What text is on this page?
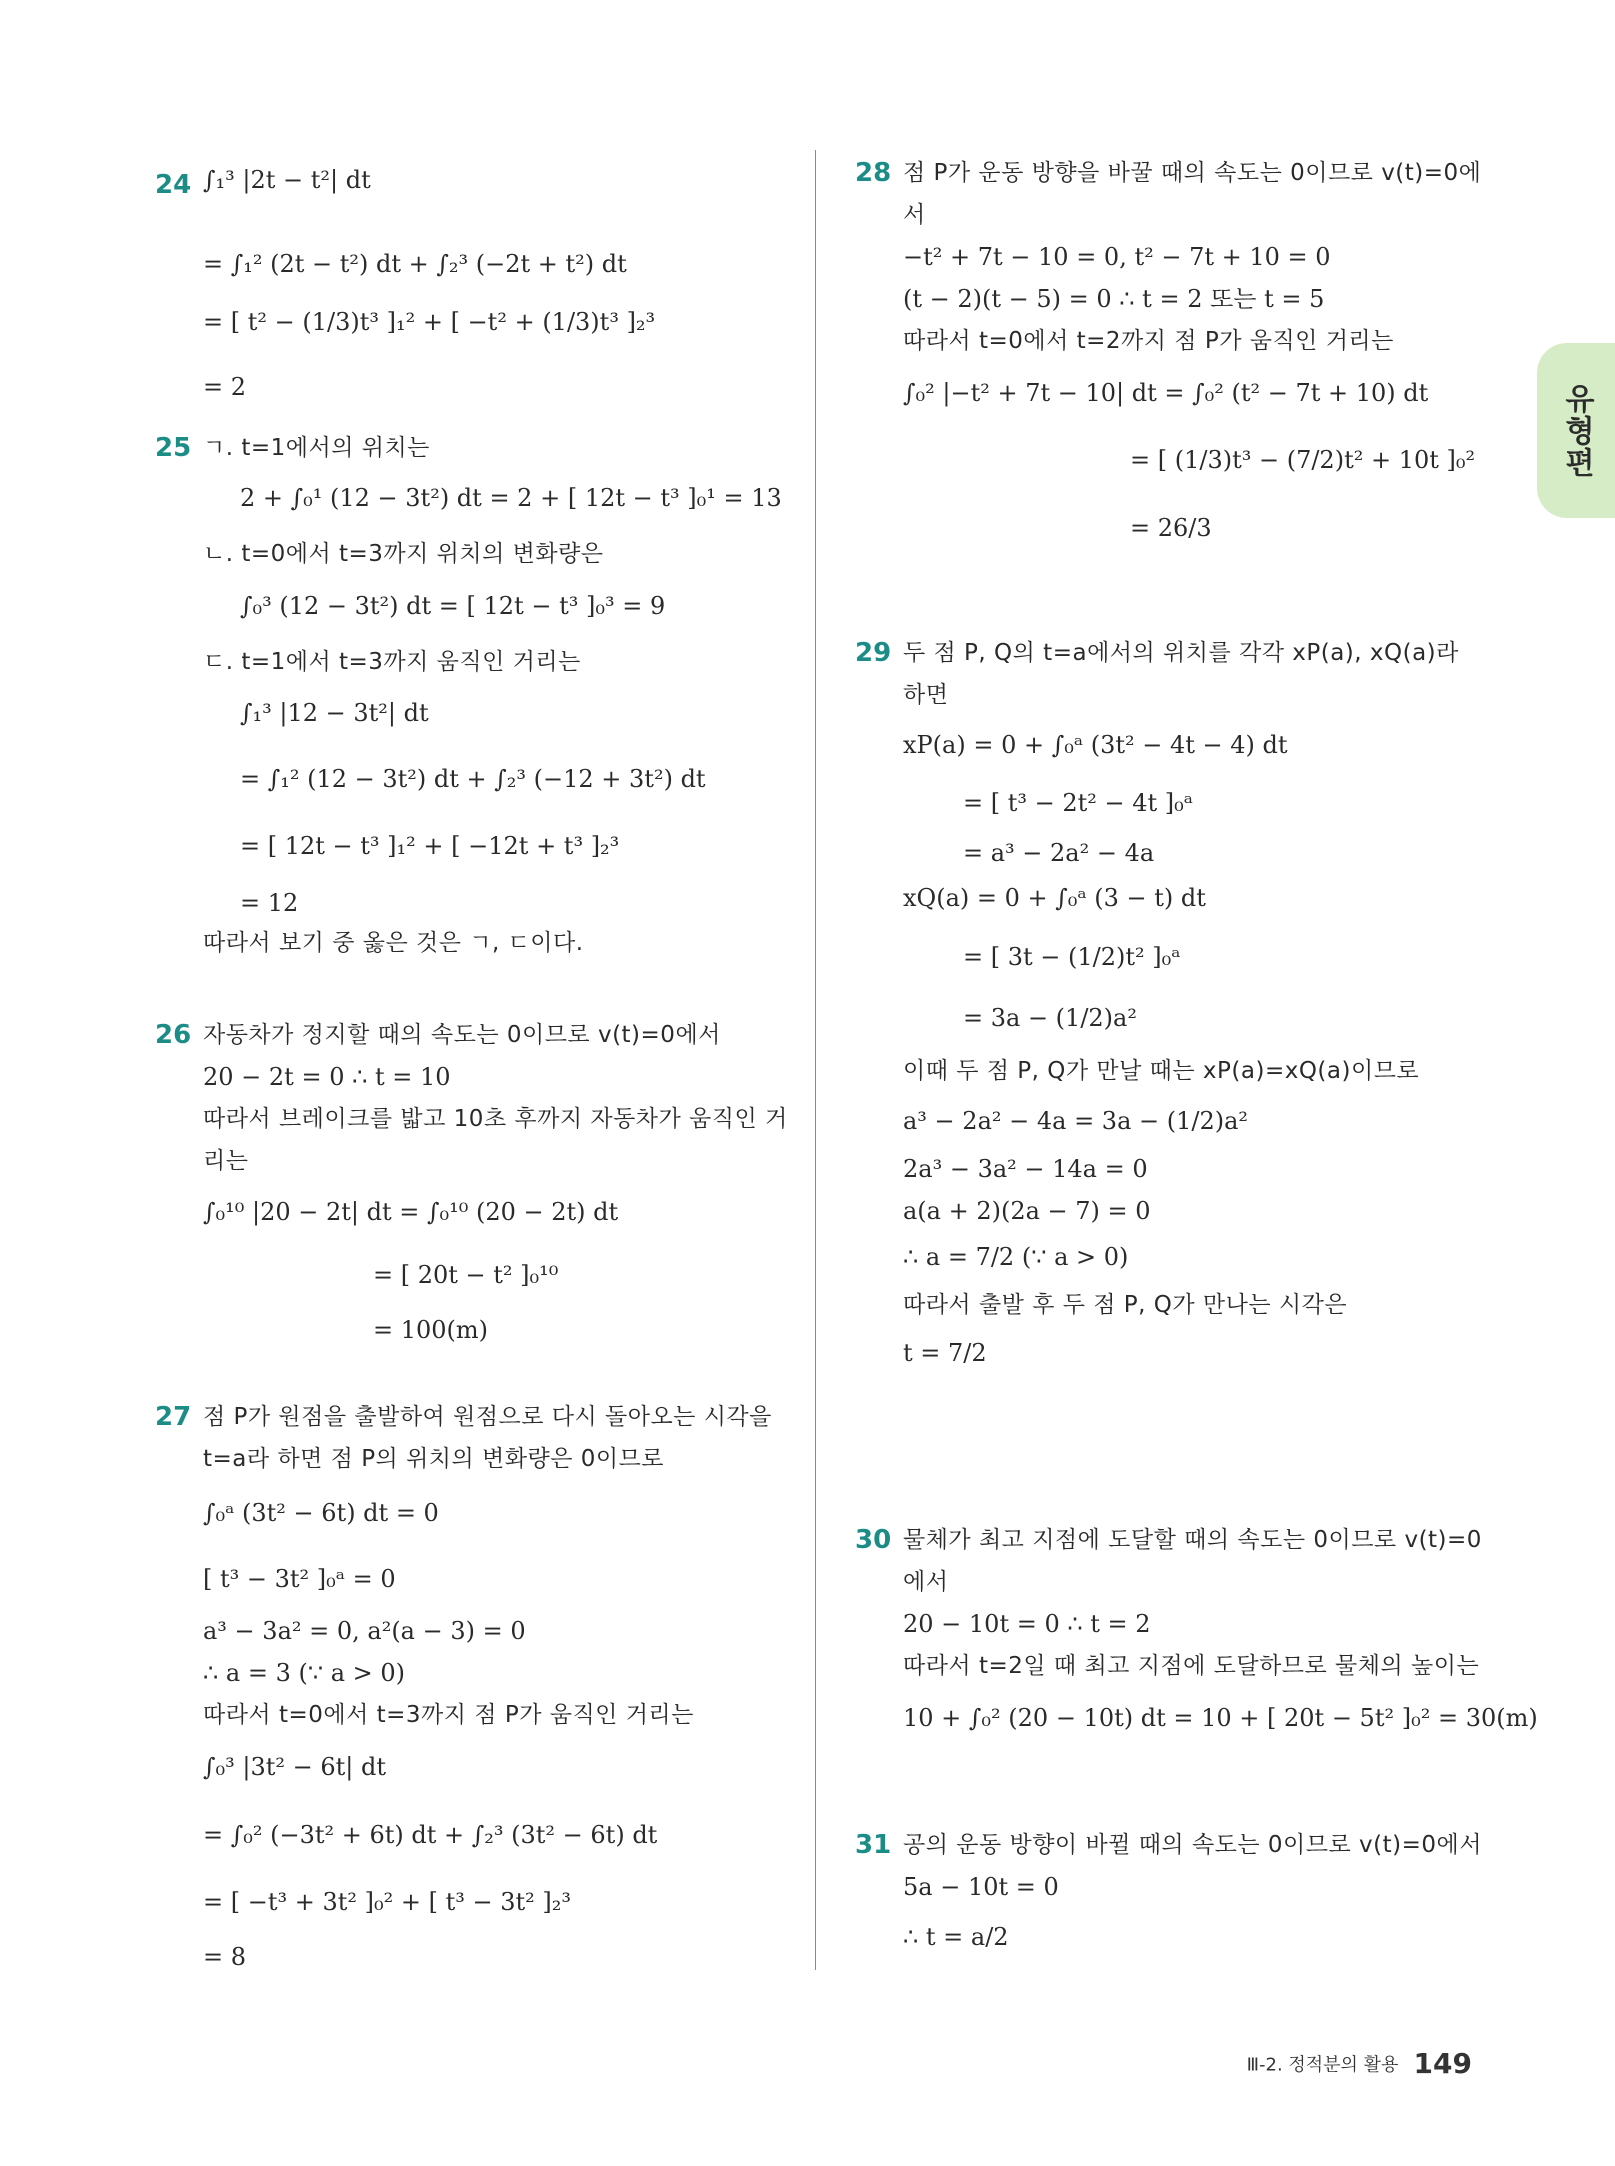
24 ∫₁³ |2t − t²| dt
= ∫₁² (2t − t²) dt + ∫₂³ (−2t + t²) dt
= [ t² − (1/3)t³ ]₁² + [ −t² + (1/3)t³ ]₂³
= 2
25 ㄱ. t=1에서의 위치는
2 + ∫₀¹ (12 − 3t²) dt = 2 + [ 12t − t³ ]₀¹ = 13
ㄴ. t=0에서 t=3까지 위치의 변화량은
∫₀³ (12 − 3t²) dt = [ 12t − t³ ]₀³ = 9
ㄷ. t=1에서 t=3까지 움직인 거리는
∫₁³ |12 − 3t²| dt
= ∫₁² (12 − 3t²) dt + ∫₂³ (−12 + 3t²) dt
= [ 12t − t³ ]₁² + [ −12t + t³ ]₂³
= 12
따라서 보기 중 옳은 것은 ㄱ, ㄷ이다.
26 자동차가 정지할 때의 속도는 0이므로 v(t)=0에서
20 − 2t = 0 ∴ t = 10
따라서 브레이크를 밟고 10초 후까지 자동차가 움직인 거
리는
∫₀¹⁰ |20 − 2t| dt = ∫₀¹⁰ (20 − 2t) dt
= [ 20t − t² ]₀¹⁰
= 100(m)
27 점 P가 원점을 출발하여 원점으로 다시 돌아오는 시각을
t=a라 하면 점 P의 위치의 변화량은 0이므로
∫₀ᵃ (3t² − 6t) dt = 0
[ t³ − 3t² ]₀ᵃ = 0
a³ − 3a² = 0, a²(a − 3) = 0
∴ a = 3 (∵ a > 0)
따라서 t=0에서 t=3까지 점 P가 움직인 거리는
∫₀³ |3t² − 6t| dt
= ∫₀² (−3t² + 6t) dt + ∫₂³ (3t² − 6t) dt
= [ −t³ + 3t² ]₀² + [ t³ − 3t² ]₂³
= 8
28 점 P가 운동 방향을 바꿀 때의 속도는 0이므로 v(t)=0에
서
−t² + 7t − 10 = 0, t² − 7t + 10 = 0
(t − 2)(t − 5) = 0 ∴ t = 2 또는 t = 5
따라서 t=0에서 t=2까지 점 P가 움직인 거리는
∫₀² |−t² + 7t − 10| dt = ∫₀² (t² − 7t + 10) dt
= [ (1/3)t³ − (7/2)t² + 10t ]₀²
= 26/3
29 두 점 P, Q의 t=a에서의 위치를 각각 xP(a), xQ(a)라
하면
xP(a) = 0 + ∫₀ᵃ (3t² − 4t − 4) dt
= [ t³ − 2t² − 4t ]₀ᵃ
= a³ − 2a² − 4a
xQ(a) = 0 + ∫₀ᵃ (3 − t) dt
= [ 3t − (1/2)t² ]₀ᵃ
= 3a − (1/2)a²
이때 두 점 P, Q가 만날 때는 xP(a)=xQ(a)이므로
a³ − 2a² − 4a = 3a − (1/2)a²
2a³ − 3a² − 14a = 0
a(a + 2)(2a − 7) = 0
∴ a = 7/2 (∵ a > 0)
따라서 출발 후 두 점 P, Q가 만나는 시각은
t = 7/2
30 물체가 최고 지점에 도달할 때의 속도는 0이므로 v(t)=0
에서
20 − 10t = 0 ∴ t = 2
따라서 t=2일 때 최고 지점에 도달하므로 물체의 높이는
10 + ∫₀² (20 − 10t) dt = 10 + [ 20t − 5t² ]₀² = 30(m)
31 공의 운동 방향이 바뀔 때의 속도는 0이므로 v(t)=0에서
5a − 10t = 0
∴ t = a/2
유형편
Ⅲ-2. 정적분의 활용 149
